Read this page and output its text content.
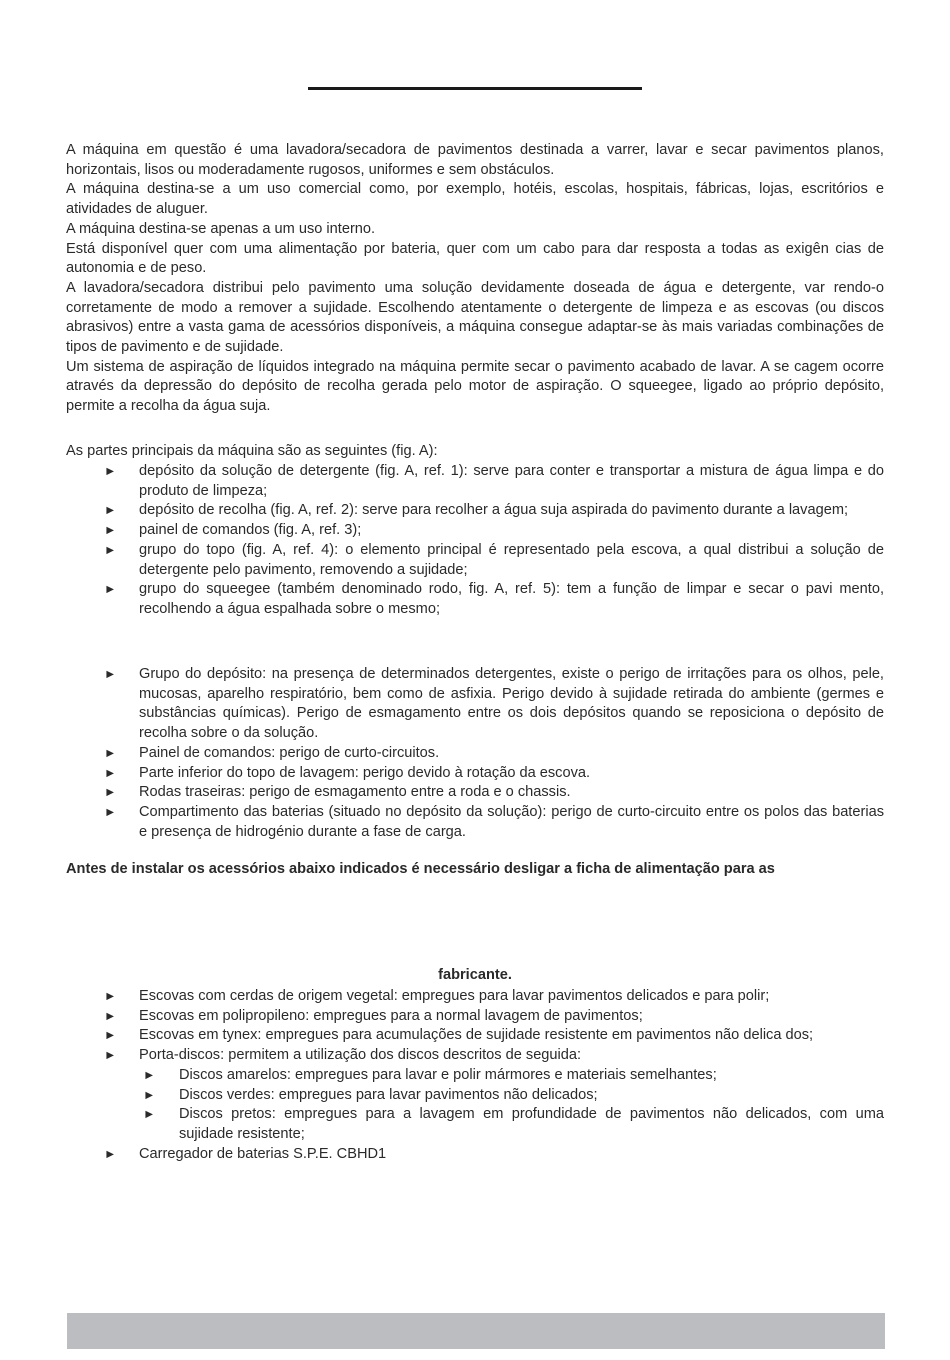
A máquina em questão é uma lavadora/secadora de pavimentos destinada a varrer, lavar e secar pavimentos planos, horizontais, lisos ou moderadamente rugosos, uniformes e sem obstáculos.

A máquina destina-se a um uso comercial como, por exemplo, hotéis, escolas, hospitais, fábricas, lojas, escritórios e atividades de aluguer.

A máquina destina-se apenas a um uso interno.

Está disponível quer com uma alimentação por bateria, quer com um cabo para dar resposta a todas as exigên cias de autonomia e de peso.

A lavadora/secadora distribui pelo pavimento uma solução devidamente doseada de água e detergente, var rendo-o corretamente de modo a remover a sujidade. Escolhendo atentamente o detergente de limpeza e as escovas (ou discos abrasivos) entre a vasta gama de acessórios disponíveis, a máquina consegue adaptar-se às mais variadas combinações de tipos de pavimento e de sujidade.

Um sistema de aspiração de líquidos integrado na máquina permite secar o pavimento acabado de lavar. A se cagem ocorre através da depressão do depósito de recolha gerada pelo motor de aspiração. O squeegee, ligado ao próprio depósito, permite a recolha da água suja.

As partes principais da máquina são as seguintes (fig. A):
► depósito da solução de detergente (fig. A, ref. 1): serve para conter e transportar a mistura de água limpa e do produto de limpeza;
► depósito de recolha (fig. A, ref. 2): serve para recolher a água suja aspirada do pavimento durante a lavagem;
► painel de comandos (fig. A, ref. 3);
► grupo do topo (fig. A, ref. 4): o elemento principal é representado pela escova, a qual distribui a solução de detergente pelo pavimento, removendo a sujidade;
► grupo do squeegee (também denominado rodo, fig. A, ref. 5): tem a função de limpar e secar o pavi mento, recolhendo a água espalhada sobre o mesmo;
► Grupo do depósito: na presença de determinados detergentes, existe o perigo de irritações para os olhos, pele, mucosas, aparelho respiratório, bem como de asfixia. Perigo devido à sujidade retirada do ambiente (germes e substâncias químicas). Perigo de esmagamento entre os dois depósitos quando se reposiciona o depósito de recolha sobre o da solução.
► Painel de comandos: perigo de curto-circuitos.
► Parte inferior do topo de lavagem: perigo devido à rotação da escova.
► Rodas traseiras: perigo de esmagamento entre a roda e o chassis.
► Compartimento das baterias (situado no depósito da solução): perigo de curto-circuito entre os polos das baterias e presença de hidrogénio durante a fase de carga.
Antes de instalar os acessórios abaixo indicados é necessário desligar a ficha de alimentação para as
fabricante.
► Escovas com cerdas de origem vegetal: empregues para lavar pavimentos delicados e para polir;
► Escovas em polipropileno: empregues para a normal lavagem de pavimentos;
► Escovas em tynex: empregues para acumulações de sujidade resistente em pavimentos não delica dos;
► Porta-discos: permitem a utilização dos discos descritos de seguida:
► Discos amarelos: empregues para lavar e polir mármores e materiais semelhantes;
► Discos verdes: empregues para lavar pavimentos não delicados;
► Discos pretos: empregues para a lavagem em profundidade de pavimentos não delicados, com uma sujidade resistente;
► Carregador de baterias S.P.E. CBHD1
